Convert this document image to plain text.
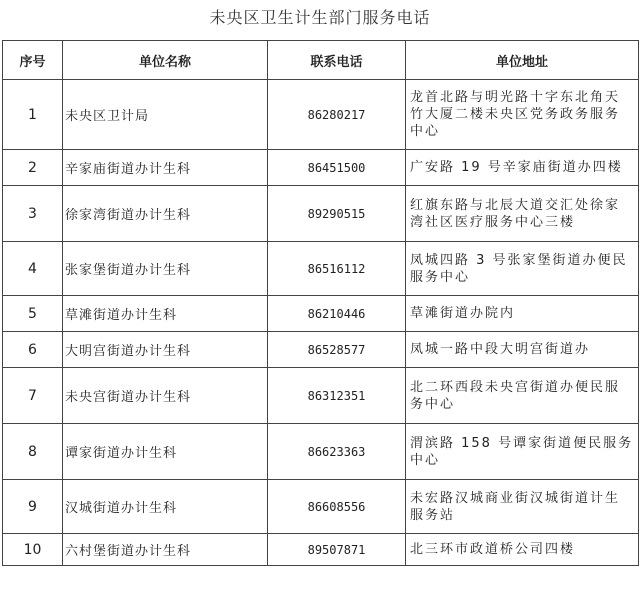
未央区卫生计生部门服务电话
序号	单位名称	联系电话	单位地址
1	未央区卫计局	86280217	龙首北路与明光路十字东北角天竹大厦二楼未央区党务政务服务中心
2	辛家庙街道办计生科	86451500	广安路 19 号辛家庙街道办四楼
3	徐家湾街道办计生科	89290515	红旗东路与北辰大道交汇处徐家湾社区医疗服务中心三楼
4	张家堡街道办计生科	86516112	凤城四路 3 号张家堡街道办便民服务中心
5	草滩街道办计生科	86210446	草滩街道办院内
6	大明宫街道办计生科	86528577	凤城一路中段大明宫街道办
7	未央宫街道办计生科	86312351	北二环西段未央宫街道办便民服务中心
8	谭家街道办计生科	86623363	渭滨路 158 号谭家街道便民服务中心
9	汉城街道办计生科	86608556	未宏路汉城商业街汉城街道计生服务站
10	六村堡街道办计生科	89507871	北三环市政道桥公司四楼
